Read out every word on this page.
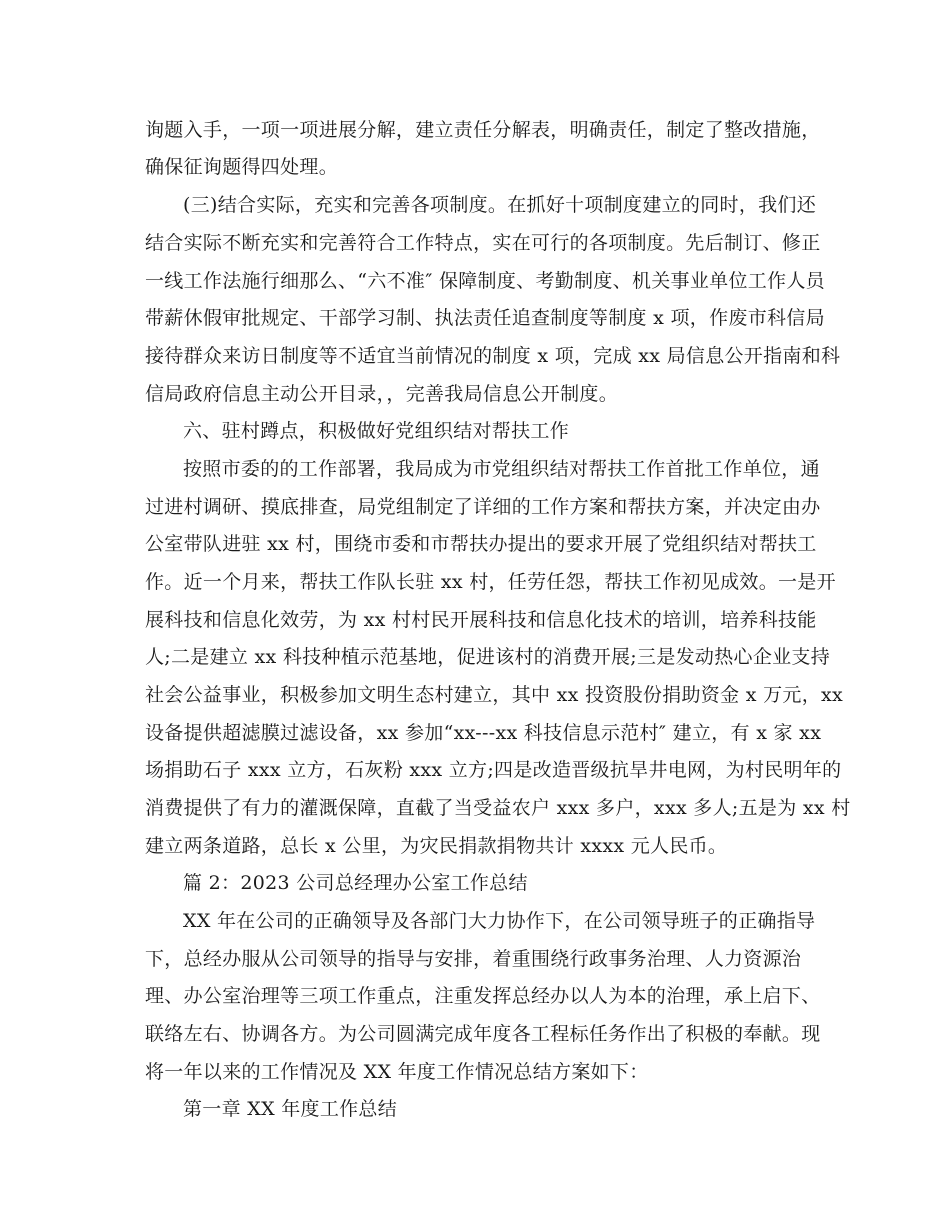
询题入手，一项一项进展分解，建立责任分解表，明确责任，制定了整改措施，
确保征询题得四处理。
(三)结合实际，充实和完善各项制度。在抓好十项制度建立的同时，我们还
结合实际不断充实和完善符合工作特点，实在可行的各项制度。先后制订、修正
一线工作法施行细那么、“六不准″ 保障制度、考勤制度、机关事业单位工作人员
带薪休假审批规定、干部学习制、执法责任追查制度等制度 x 项，作废市科信局
接待群众来访日制度等不适宜当前情况的制度 x 项，完成 xx 局信息公开指南和科
信局政府信息主动公开目录，，完善我局信息公开制度。
六、驻村蹲点，积极做好党组织结对帮扶工作
按照市委的的工作部署，我局成为市党组织结对帮扶工作首批工作单位，通
过进村调研、摸底排查，局党组制定了详细的工作方案和帮扶方案，并决定由办
公室带队进驻 xx 村，围绕市委和市帮扶办提出的要求开展了党组织结对帮扶工
作。近一个月来，帮扶工作队长驻 xx 村，任劳任怨，帮扶工作初见成效。一是开
展科技和信息化效劳，为 xx 村村民开展科技和信息化技术的培训，培养科技能
人;二是建立 xx 科技种植示范基地，促进该村的消费开展;三是发动热心企业支持
社会公益事业，积极参加文明生态村建立，其中 xx 投资股份捐助资金 x 万元，xx
设备提供超滤膜过滤设备，xx 参加“xx---xx 科技信息示范村″ 建立，有 x 家 xx
场捐助石子 xxx 立方，石灰粉 xxx 立方;四是改造晋级抗旱井电网，为村民明年的
消费提供了有力的灌溉保障，直截了当受益农户 xxx 多户，xxx 多人;五是为 xx 村
建立两条道路，总长 x 公里，为灾民捐款捐物共计 xxxx 元人民币。
篇 2：2023 公司总经理办公室工作总结
XX 年在公司的正确领导及各部门大力协作下，在公司领导班子的正确指导
下，总经办服从公司领导的指导与安排，着重围绕行政事务治理、人力资源治
理、办公室治理等三项工作重点，注重发挥总经办以人为本的治理，承上启下、
联络左右、协调各方。为公司圆满完成年度各工程标任务作出了积极的奉献。现
将一年以来的工作情况及 XX 年度工作情况总结方案如下：
第一章 XX 年度工作总结
